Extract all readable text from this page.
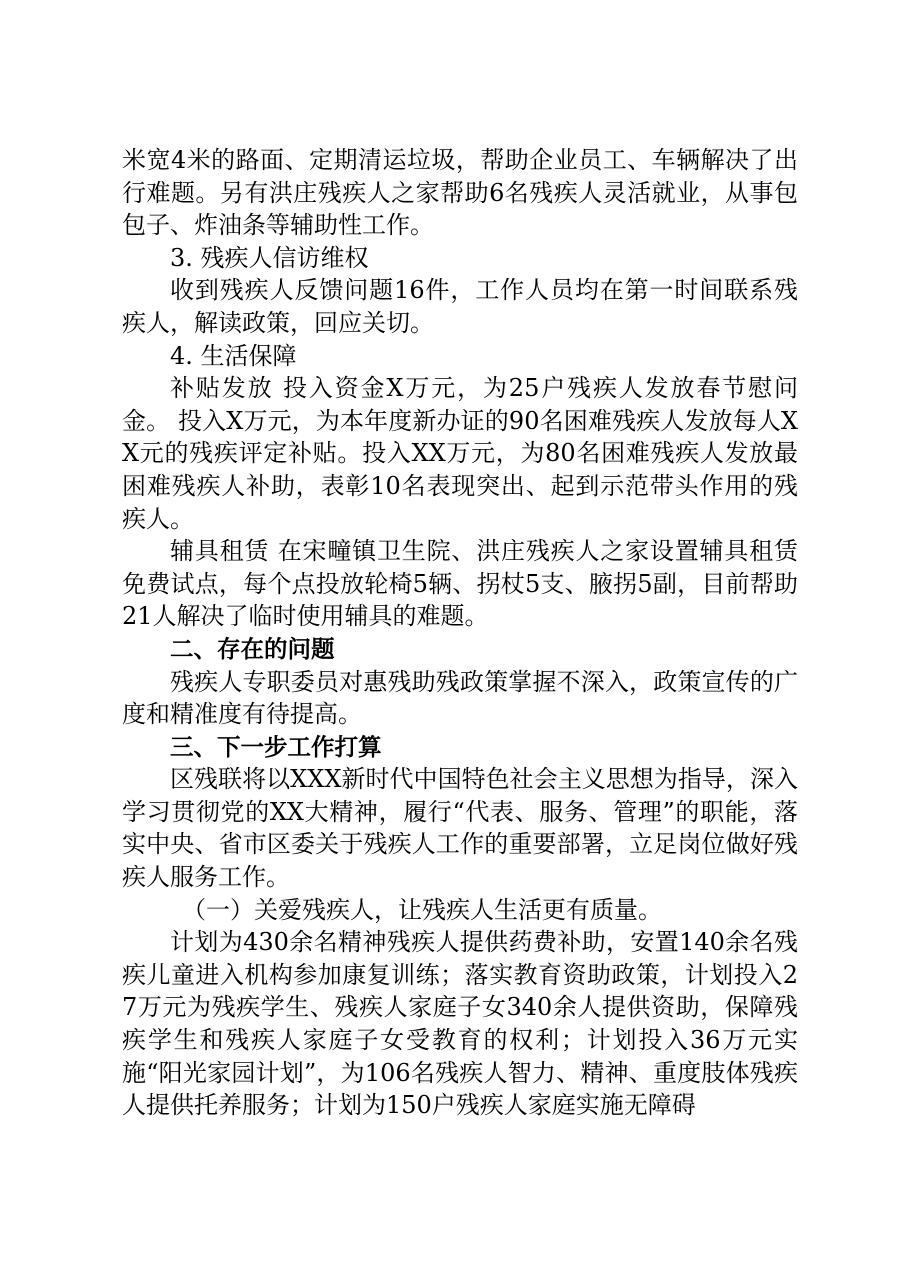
米宽4米的路面、定期清运垃圾，帮助企业员工、车辆解决了出行难题。另有洪庄残疾人之家帮助6名残疾人灵活就业，从事包包子、炸油条等辅助性工作。

3. 残疾人信访维权

收到残疾人反馈问题16件，工作人员均在第一时间联系残疾人，解读政策，回应关切。

4. 生活保障

补贴发放 投入资金X万元，为25户残疾人发放春节慰问金。 投入X万元，为本年度新办证的90名困难残疾人发放每人XX元的残疾评定补贴。投入XX万元，为80名困难残疾人发放最困难残疾人补助，表彰10名表现突出、起到示范带头作用的残疾人。

辅具租赁 在宋疃镇卫生院、洪庄残疾人之家设置辅具租赁免费试点，每个点投放轮椅5辆、拐杖5支、腋拐5副，目前帮助21人解决了临时使用辅具的难题。

二、存在的问题

残疾人专职委员对惠残助残政策掌握不深入，政策宣传的广度和精准度有待提高。

三、下一步工作打算

区残联将以XXX新时代中国特色社会主义思想为指导，深入学习贯彻党的XX大精神，履行“代表、服务、管理”的职能，落实中央、省市区委关于残疾人工作的重要部署，立足岗位做好残疾人服务工作。

（一）关爱残疾人，让残疾人生活更有质量。

计划为430余名精神残疾人提供药费补助，安置140余名残疾儿童进入机构参加康复训练；落实教育资助政策，计划投入27万元为残疾学生、残疾人家庭子女340余人提供资助，保障残疾学生和残疾人家庭子女受教育的权利；计划投入36万元实施“阳光家园计划”，为106名残疾人智力、精神、重度肢体残疾人提供托养服务；计划为150户残疾人家庭实施无障碍
